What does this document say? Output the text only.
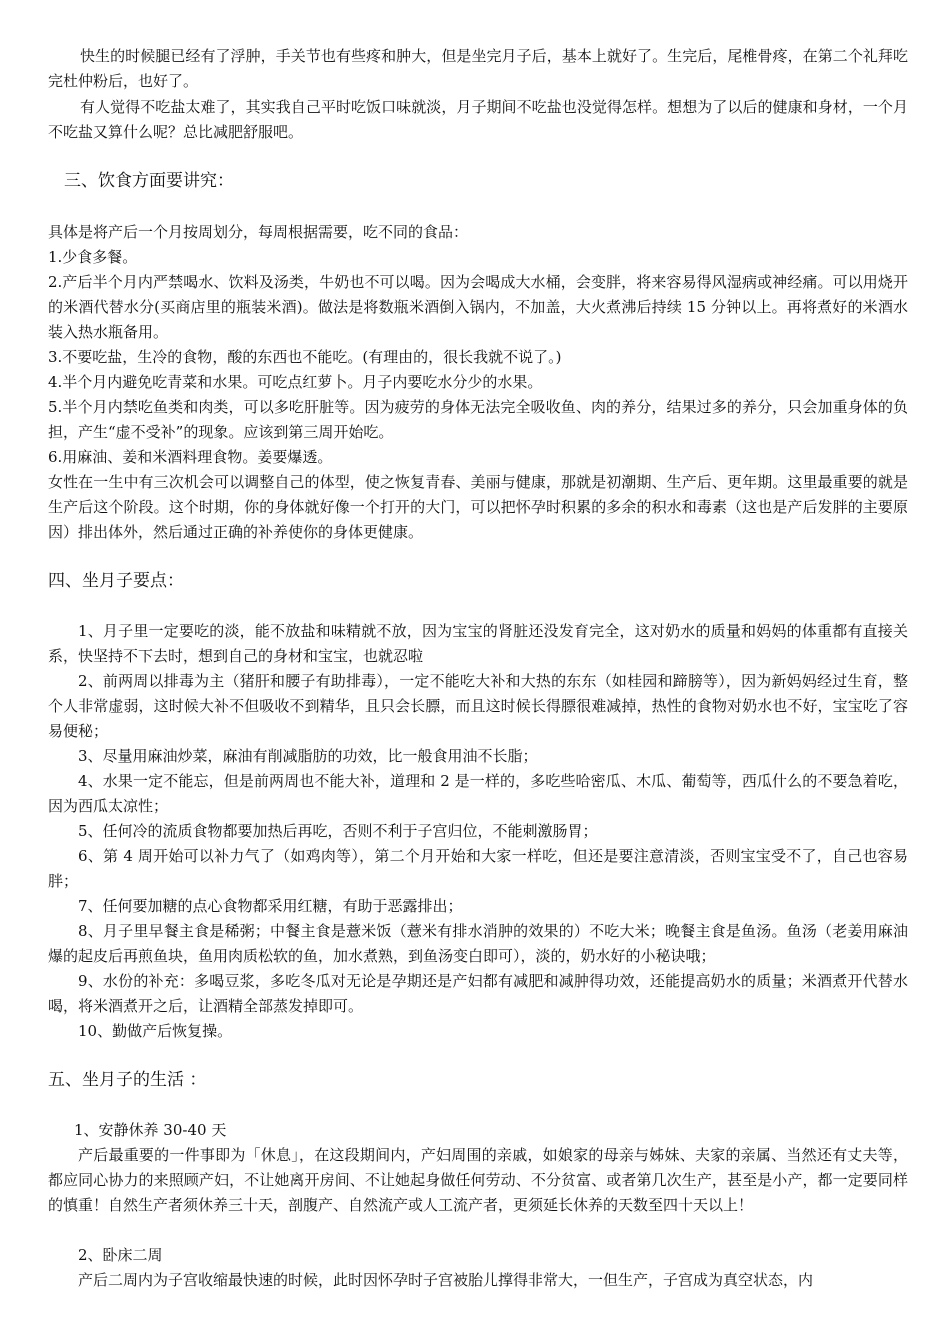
快生的时候腿已经有了浮肿，手关节也有些疼和肿大，但是坐完月子后，基本上就好了。生完后，尾椎骨疼，在第二个礼拜吃完杜仲粉后，也好了。

有人觉得不吃盐太难了，其实我自己平时吃饭口味就淡，月子期间不吃盐也没觉得怎样。想想为了以后的健康和身材，一个月不吃盐又算什么呢？总比减肥舒服吧。

三、饮食方面要讲究：

具体是将产后一个月按周划分，每周根据需要，吃不同的食品：

1.少食多餐。

2.产后半个月内严禁喝水、饮料及汤类，牛奶也不可以喝。因为会喝成大水桶，会变胖，将来容易得风湿病或神经痛。可以用烧开的米酒代替水分(买商店里的瓶装米酒)。做法是将数瓶米酒倒入锅内，不加盖，大火煮沸后持续 15 分钟以上。再将煮好的米酒水装入热水瓶备用。

3.不要吃盐，生冷的食物，酸的东西也不能吃。(有理由的，很长我就不说了。)

4.半个月内避免吃青菜和水果。可吃点红萝卜。月子内要吃水分少的水果。

5.半个月内禁吃鱼类和肉类，可以多吃肝脏等。因为疲劳的身体无法完全吸收鱼、肉的养分，结果过多的养分，只会加重身体的负担，产生“虚不受补”的现象。应该到第三周开始吃。

6.用麻油、姜和米酒料理食物。姜要爆透。

女性在一生中有三次机会可以调整自己的体型，使之恢复青春、美丽与健康，那就是初潮期、生产后、更年期。这里最重要的就是生产后这个阶段。这个时期，你的身体就好像一个打开的大门，可以把怀孕时积累的多余的积水和毒素（这也是产后发胖的主要原因）排出体外，然后通过正确的补养使你的身体更健康。

四、坐月子要点：

1、月子里一定要吃的淡，能不放盐和味精就不放，因为宝宝的肾脏还没发育完全，这对奶水的质量和妈妈的体重都有直接关系，快坚持不下去时，想到自己的身材和宝宝，也就忍啦

2、前两周以排毒为主（猪肝和腰子有助排毒），一定不能吃大补和大热的东东（如桂园和蹄膀等），因为新妈妈经过生育，整个人非常虚弱，这时候大补不但吸收不到精华，且只会长膘，而且这时候长得膘很难减掉，热性的食物对奶水也不好，宝宝吃了容易便秘；

3、尽量用麻油炒菜，麻油有削减脂肪的功效，比一般食用油不长脂；

4、水果一定不能忘，但是前两周也不能大补，道理和 2 是一样的，多吃些哈密瓜、木瓜、葡萄等，西瓜什么的不要急着吃，因为西瓜太凉性；

5、任何冷的流质食物都要加热后再吃，否则不利于子宫归位，不能刺激肠胃；

6、第 4 周开始可以补力气了（如鸡肉等），第二个月开始和大家一样吃，但还是要注意清淡，否则宝宝受不了，自己也容易胖；

7、任何要加糖的点心食物都采用红糖，有助于恶露排出；

8、月子里早餐主食是稀粥；中餐主食是薏米饭（薏米有排水消肿的效果的）不吃大米；晚餐主食是鱼汤。鱼汤（老姜用麻油爆的起皮后再煎鱼块，鱼用肉质松软的鱼，加水煮熟，到鱼汤变白即可），淡的，奶水好的小秘诀哦；

9、水份的补充：多喝豆浆，多吃冬瓜对无论是孕期还是产妇都有减肥和减肿得功效，还能提高奶水的质量；米酒煮开代替水喝，将米酒煮开之后，让酒精全部蒸发掉即可。

10、勤做产后恢复操。

五、坐月子的生活 ：

1、安静休养 30-40 天

产后最重要的一件事即为「休息」，在这段期间内，产妇周围的亲戚，如娘家的母亲与姊妹、夫家的亲属、当然还有丈夫等，都应同心协力的来照顾产妇，不让她离开房间、不让她起身做任何劳动、不分贫富、或者第几次生产，甚至是小产，都一定要同样的慎重！自然生产者须休养三十天，剖腹产、自然流产或人工流产者，更须延长休养的天数至四十天以上！

2、卧床二周

产后二周内为子宫收缩最快速的时候，此时因怀孕时子宫被胎儿撑得非常大，一但生产，子宫成为真空状态，内
